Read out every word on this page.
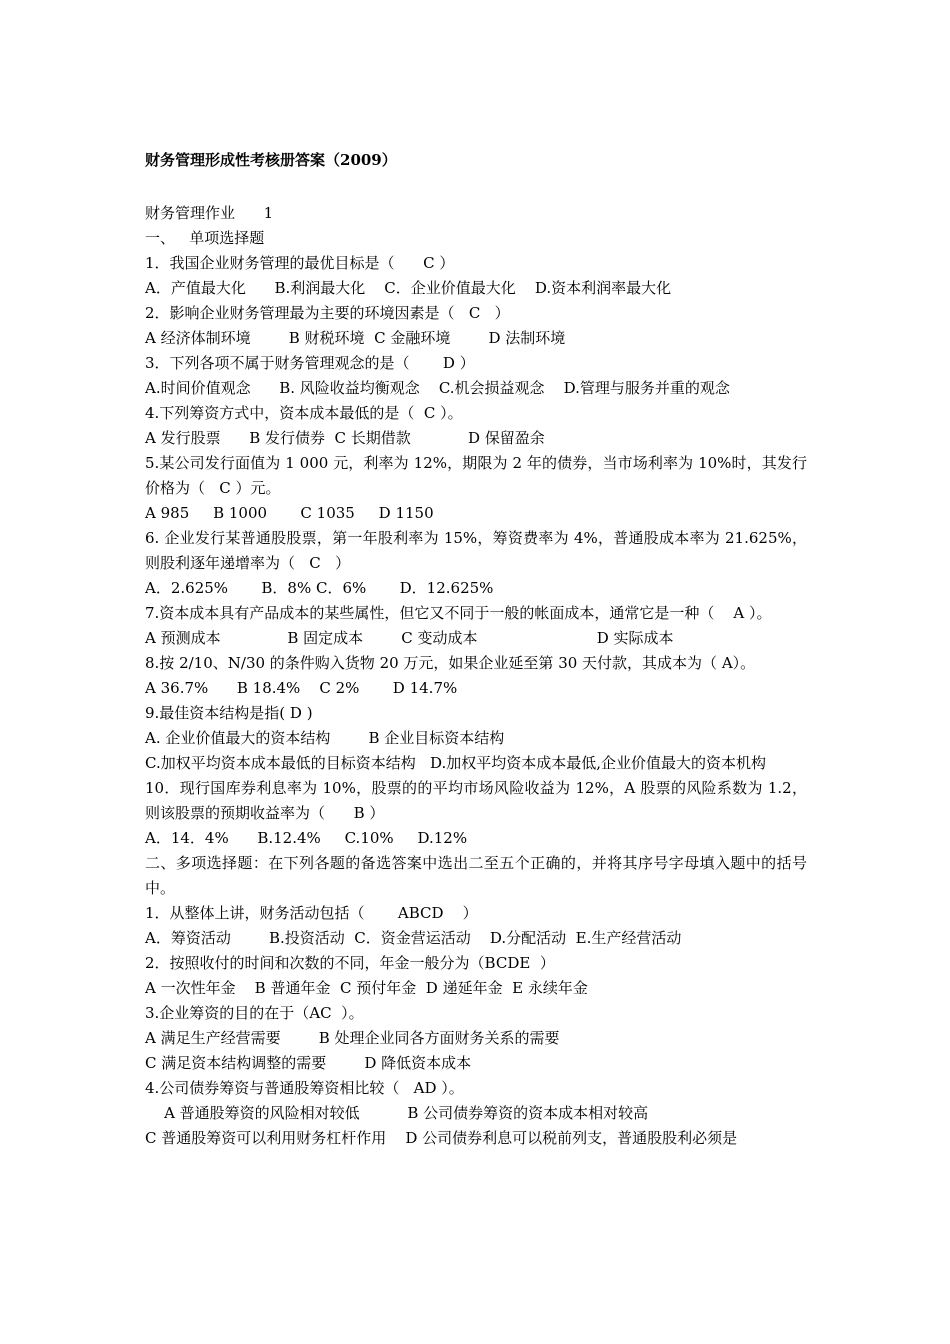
财务管理形成性考核册答案（2009）
财务管理作业      1
一、   单项选择题
1．我国企业财务管理的最优目标是（      C ）
A．产值最大化      B.利润最大化    C．企业价值最大化    D.资本利润率最大化
2．影响企业财务管理最为主要的环境因素是（   C   ）
A 经济体制环境        B 财税环境  C 金融环境        D 法制环境
3．下列各项不属于财务管理观念的是（       D ）
A.时间价值观念      B. 风险收益均衡观念    C.机会损益观念    D.管理与服务并重的观念
4.下列筹资方式中，资本成本最低的是（  C ）。
A 发行股票      B 发行债券  C 长期借款            D 保留盈余
5.某公司发行面值为 1 000 元，利率为 12%，期限为 2 年的债券，当市场利率为 10%时，其发行价格为（   C ）元。
A 985     B 1000       C 1035     D 1150
6. 企业发行某普通股股票，第一年股利率为 15%，筹资费率为 4%，普通股成本率为 21.625%，则股利逐年递增率为（   C   ）
A．2.625%       B．8% C．6%       D．12.625%
7.资本成本具有产品成本的某些属性，但它又不同于一般的帐面成本，通常它是一种（    A ）。
A 预测成本              B 固定成本        C 变动成本                         D 实际成本
8.按 2/10、N/30 的条件购入货物 20 万元，如果企业延至第 30 天付款，其成本为（ A）。
A 36.7%      B 18.4%    C 2%       D 14.7%
9.最佳资本结构是指( D )
A. 企业价值最大的资本结构        B 企业目标资本结构
C.加权平均资本成本最低的目标资本结构   D.加权平均资本成本最低,企业价值最大的资本机构
10．现行国库券利息率为 10%，股票的的平均市场风险收益为 12%，A 股票的风险系数为 1.2，则该股票的预期收益率为（      B ）
A．14．4%      B.12.4%     C.10%     D.12%
二、多项选择题：在下列各题的备选答案中选出二至五个正确的，并将其序号字母填入题中的括号中。
1．从整体上讲，财务活动包括（       ABCD    ）
A．筹资活动        B.投资活动  C．资金营运活动    D.分配活动  E.生产经营活动
2．按照收付的时间和次数的不同，年金一般分为（BCDE  ）
A 一次性年金    B 普通年金  C 预付年金  D 递延年金  E 永续年金
3.企业筹资的目的在于（AC  ）。
A 满足生产经营需要        B 处理企业同各方面财务关系的需要
C 满足资本结构调整的需要        D 降低资本成本
4.公司债券筹资与普通股筹资相比较（   AD ）。
A 普通股筹资的风险相对较低          B 公司债券筹资的资本成本相对较高
C 普通股筹资可以利用财务杠杆作用    D 公司债券利息可以税前列支，普通股股利必须是
